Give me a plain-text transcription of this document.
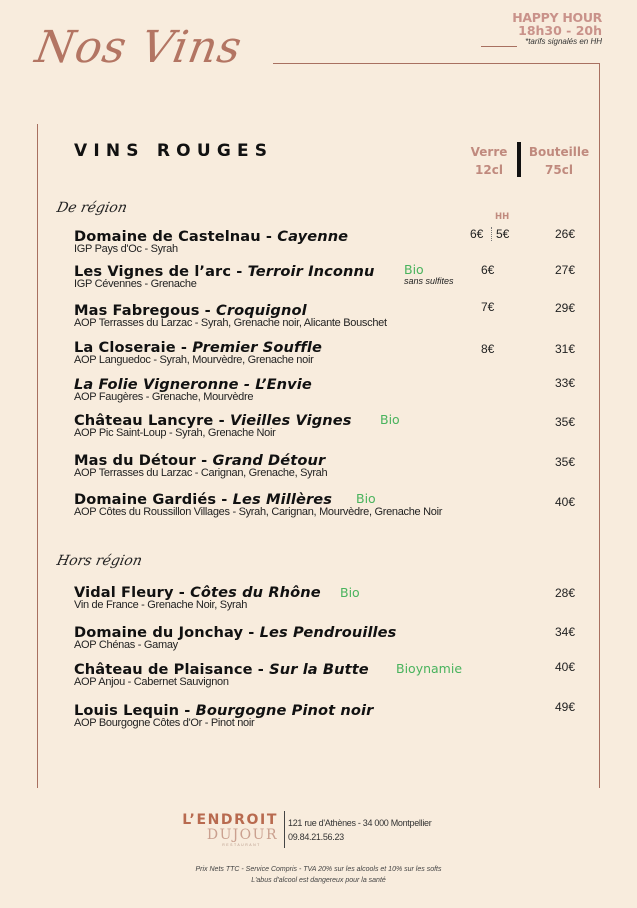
Nos Vins
HAPPY HOUR
18h30 - 20h
*tarifs signalés en HH
VINS ROUGES	Verre
12cl
Bouteille
75cl
De région
HH
Domaine de Castelnau - Cayenne
IGP Pays d'Oc - Syrah
6€ 5€	26€
Les Vignes de l’arc - Terroir Inconnu
IGP Cévennes - Grenache
Bio
sans sulfites
6€	27€
Mas Fabregous - Croquignol
AOP Terrasses du Larzac - Syrah, Grenache noir, Alicante Bouschet
7€	29€
La Closeraie - Premier Souffle
AOP Languedoc - Syrah, Mourvèdre, Grenache noir
8€	31€
La Folie Vigneronne - L’Envie
AOP Faugères - Grenache, Mourvèdre
33€
Château Lancyre - Vieilles Vignes
AOP Pic Saint-Loup - Syrah, Grenache Noir
Bio	35€
Mas du Détour - Grand Détour
AOP Terrasses du Larzac - Carignan, Grenache, Syrah
35€
Domaine Gardiés - Les Millères
AOP Côtes du Roussillon Villages - Syrah, Carignan, Mourvèdre, Grenache Noir
Bio	40€
Hors région
Vidal Fleury - Côtes du Rhône
Vin de France - Grenache Noir, Syrah
Bio	28€
Domaine du Jonchay - Les Pendrouilles
AOP Chénas - Gamay
34€
Château de Plaisance - Sur la Butte
AOP Anjou - Cabernet Sauvignon
Bioynamie	40€
Louis Lequin - Bourgogne Pinot noir
AOP Bourgogne Côtes d'Or - Pinot noir
49€
L’ENDROIT
DUJOUR
RESTAURANT
121 rue d'Athènes - 34 000 Montpellier
09.84.21.56.23
Prix Nets TTC - Service Compris - TVA 20% sur les alcools et 10% sur les softs
L'abus d'alcool est dangereux pour la santé
